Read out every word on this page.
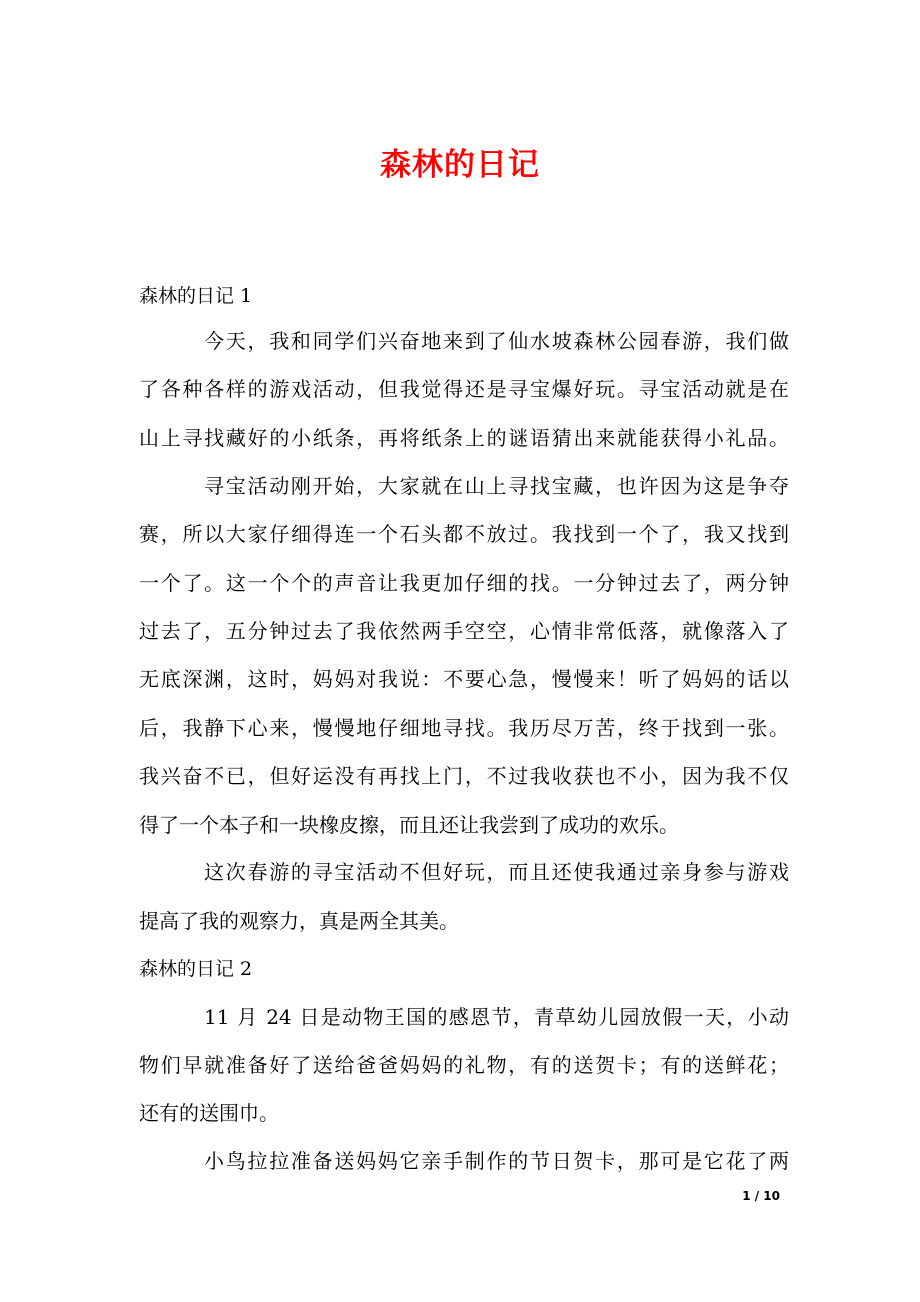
森林的日记
森林的日记 1
今天，我和同学们兴奋地来到了仙水坡森林公园春游，我们做
了各种各样的游戏活动，但我觉得还是寻宝爆好玩。寻宝活动就是在
山上寻找藏好的小纸条，再将纸条上的谜语猜出来就能获得小礼品。
寻宝活动刚开始，大家就在山上寻找宝藏，也许因为这是争夺
赛，所以大家仔细得连一个石头都不放过。我找到一个了，我又找到
一个了。这一个个的声音让我更加仔细的找。一分钟过去了，两分钟
过去了，五分钟过去了我依然两手空空，心情非常低落，就像落入了
无底深渊，这时，妈妈对我说：不要心急，慢慢来！听了妈妈的话以
后，我静下心来，慢慢地仔细地寻找。我历尽万苦，终于找到一张。
我兴奋不已，但好运没有再找上门，不过我收获也不小，因为我不仅
得了一个本子和一块橡皮擦，而且还让我尝到了成功的欢乐。
这次春游的寻宝活动不但好玩，而且还使我通过亲身参与游戏
提高了我的观察力，真是两全其美。
森林的日记 2
11 月 24 日是动物王国的感恩节，青草幼儿园放假一天，小动
物们早就准备好了送给爸爸妈妈的礼物，有的送贺卡；有的送鲜花；
还有的送围巾。
小鸟拉拉准备送妈妈它亲手制作的节日贺卡，那可是它花了两
1 / 10
